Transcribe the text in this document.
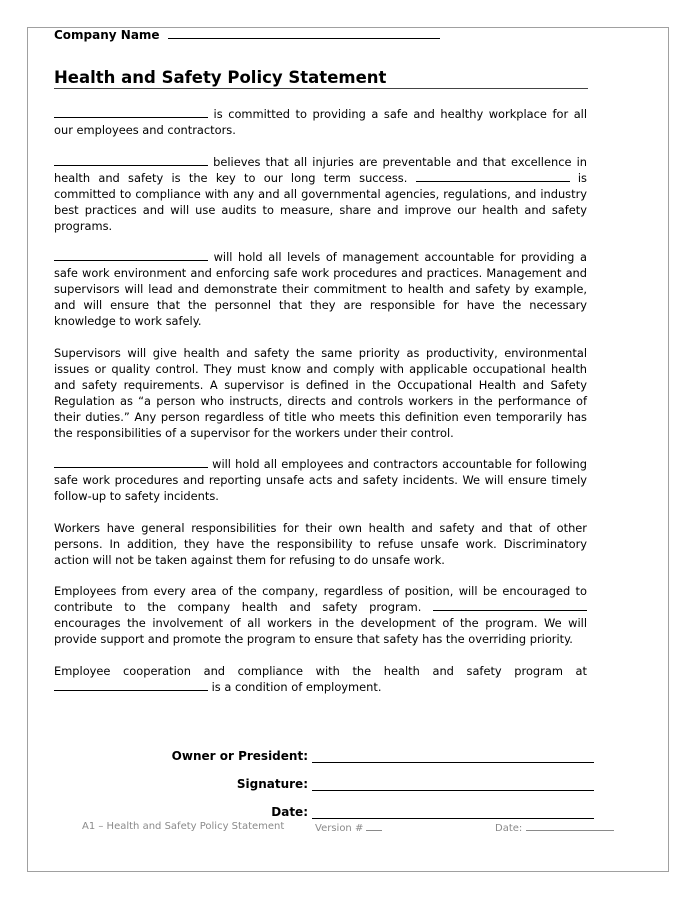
Company Name
Health and Safety Policy Statement

is committed to providing a safe and healthy workplace for all our employees and contractors.

believes that all injuries are preventable and that excellence in health and safety is the key to our long term success.	is committed to compliance with any and all governmental agencies, regulations, and industry best practices and will use audits to measure, share and improve our health and safety programs.

will hold all levels of management accountable for providing a safe work environment and enforcing safe work procedures and practices. Management and supervisors will lead and demonstrate their commitment to health and safety by example, and will ensure that the personnel that they are responsible for have the necessary knowledge to work safely.

Supervisors will give health and safety the same priority as productivity, environmental issues or quality control. They must know and comply with applicable occupational health and safety requirements. A supervisor is defined in the Occupational Health and Safety Regulation as “a person who instructs, directs and controls workers in the performance of their duties.” Any person regardless of title who meets this definition even temporarily has the responsibilities of a supervisor for the workers under their control.

will hold all employees and contractors accountable for following safe work procedures and reporting unsafe acts and safety incidents. We will ensure timely follow-up to safety incidents.

Workers have general responsibilities for their own health and safety and that of other persons. In addition, they have the responsibility to refuse unsafe work. Discriminatory action will not be taken against them for refusing to do unsafe work.

Employees from every area of the company, regardless of position, will be encouraged to contribute to the company health and safety program.  encourages the involvement of all workers in the development of the program. We will provide support and promote the program to ensure that safety has the overriding priority.

Employee cooperation and compliance with the health and safety program at  is a condition of employment.

Owner or President:
Signature:
Date:
A1 – Health and Safety Policy Statement	Version #	Date:
